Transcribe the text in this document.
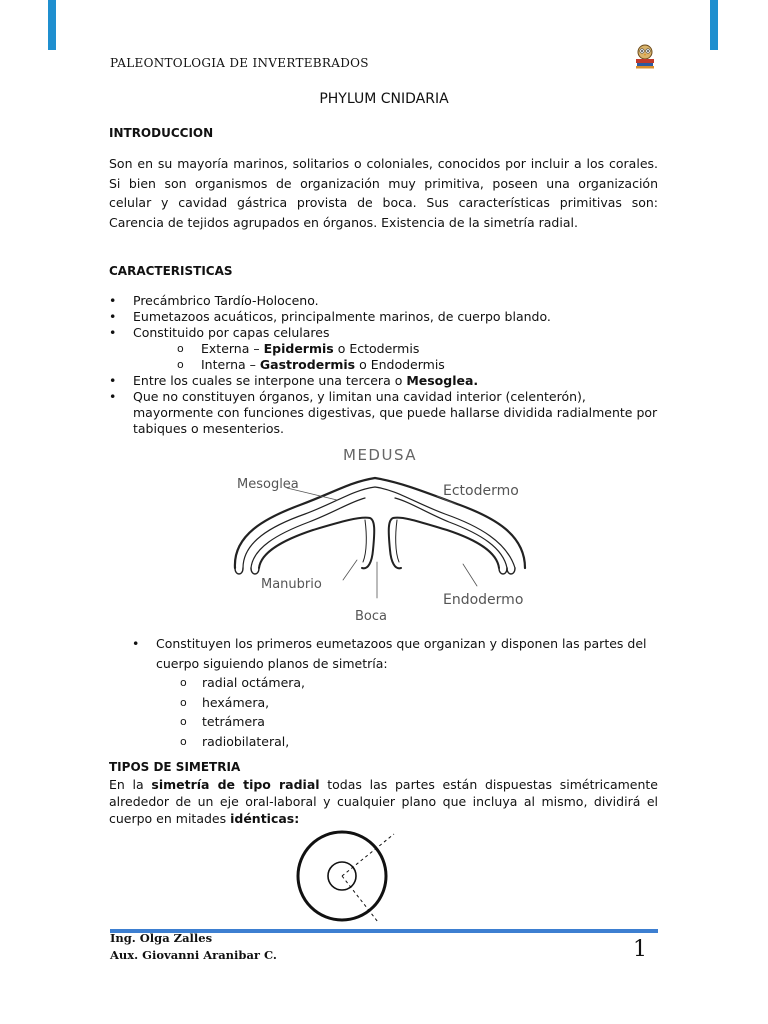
PALEONTOLOGIA DE INVERTEBRADOS
PHYLUM CNIDARIA
INTRODUCCION
Son en su mayoría marinos, solitarios o coloniales, conocidos por incluir a los corales. Si bien son organismos de organización muy primitiva, poseen una organización celular y cavidad gástrica provista de boca. Sus características primitivas son: Carencia de tejidos agrupados en órganos. Existencia de la simetría radial.
CARACTERISTICAS
• Precámbrico Tardío-Holoceno.
• Eumetazoos acuáticos, principalmente marinos, de cuerpo blando.
• Constituido por capas celulares
o Externa – Epidermis o Ectodermis
o Interna – Gastrodermis o Endodermis
• Entre los cuales se interpone una tercera o Mesoglea.
• Que no constituyen órganos, y limitan una cavidad interior (celenterón), mayormente con funciones digestivas, que puede hallarse dividida radialmente por tabiques o mesenterios.
MEDUSA
Mesoglea	Ectodermo
Manubrio
Boca
Endodermo
• Constituyen los primeros eumetazoos que organizan y disponen las partes del cuerpo siguiendo planos de simetría:
o radial octámera,
o hexámera,
o tetrámera
o radiobilateral,
TIPOS DE SIMETRIA
En la simetría de tipo radial todas las partes están dispuestas simétricamente alrededor de un eje oral-laboral y cualquier plano que incluya al mismo, dividirá el cuerpo en mitades idénticas:
Ing. Olga Zalles
Aux. Giovanni Aranibar C.	1
